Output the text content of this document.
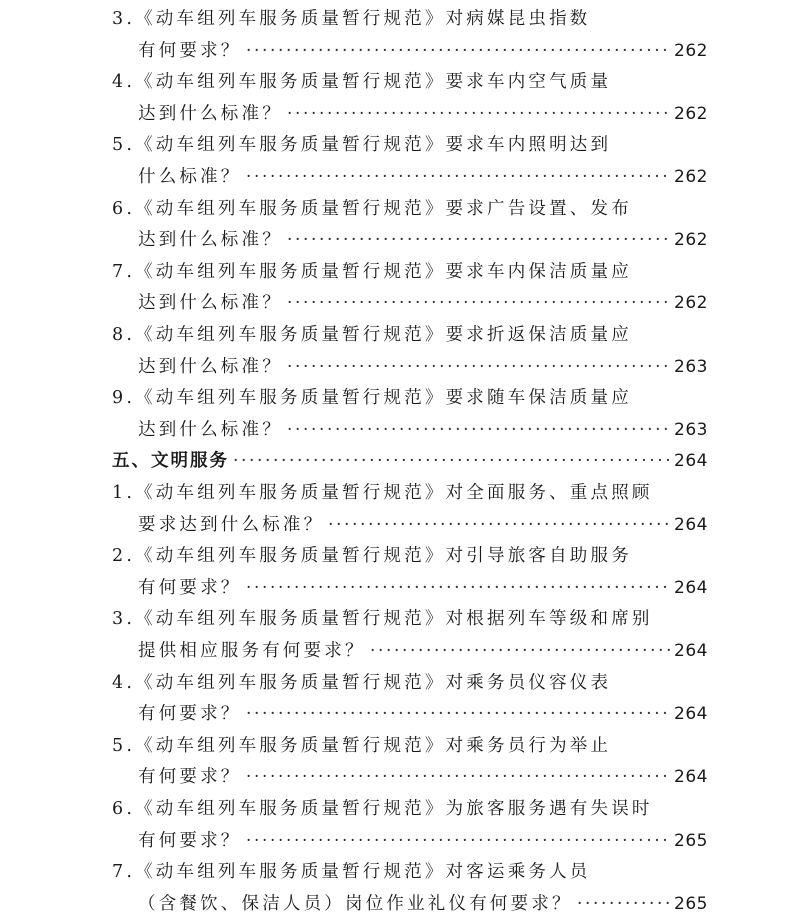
3.《动车组列车服务质量暂行规范》对病媒昆虫指数
有何要求？ ·····	262
4.《动车组列车服务质量暂行规范》要求车内空气质量
达到什么标准？ ·····	262
5.《动车组列车服务质量暂行规范》要求车内照明达到
什么标准？ ·····	262
6.《动车组列车服务质量暂行规范》要求广告设置、发布
达到什么标准？ ·····	262
7.《动车组列车服务质量暂行规范》要求车内保洁质量应
达到什么标准？ ·····	262
8.《动车组列车服务质量暂行规范》要求折返保洁质量应
达到什么标准？ ·····	263
9.《动车组列车服务质量暂行规范》要求随车保洁质量应
达到什么标准？ ·····	263
五、文明服务 ·····	264
1.《动车组列车服务质量暂行规范》对全面服务、重点照顾
要求达到什么标准？ ·····	264
2.《动车组列车服务质量暂行规范》对引导旅客自助服务
有何要求？ ·····	264
3.《动车组列车服务质量暂行规范》对根据列车等级和席别
提供相应服务有何要求？ ·····	264
4.《动车组列车服务质量暂行规范》对乘务员仪容仪表
有何要求？ ·····	264
5.《动车组列车服务质量暂行规范》对乘务员行为举止
有何要求？ ·····	264
6.《动车组列车服务质量暂行规范》为旅客服务遇有失误时
有何要求？ ·····	265
7.《动车组列车服务质量暂行规范》对客运乘务人员
（含餐饮、保洁人员）岗位作业礼仪有何要求？ ·····	265
